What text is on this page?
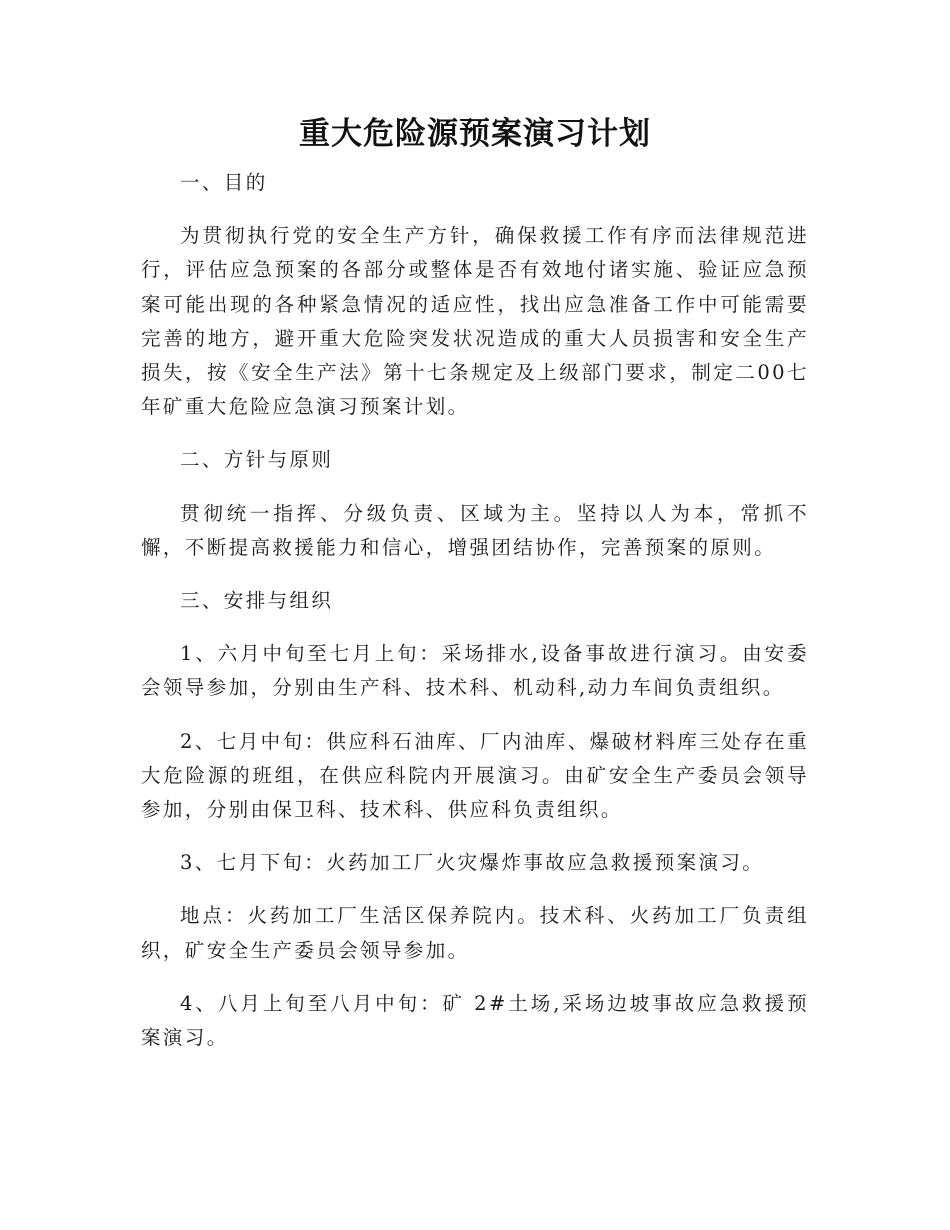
重大危险源预案演习计划

一、目的

为贯彻执行党的安全生产方针，确保救援工作有序而法律规范进行，评估应急预案的各部分或整体是否有效地付诸实施、验证应急预案可能出现的各种紧急情况的适应性，找出应急准备工作中可能需要完善的地方，避开重大危险突发状况造成的重大人员损害和安全生产损失，按《安全生产法》第十七条规定及上级部门要求，制定二00七年矿重大危险应急演习预案计划。

二、方针与原则

贯彻统一指挥、分级负责、区域为主。坚持以人为本，常抓不懈，不断提高救援能力和信心，增强团结协作，完善预案的原则。

三、安排与组织

1、六月中旬至七月上旬：采场排水,设备事故进行演习。由安委会领导参加，分别由生产科、技术科、机动科,动力车间负责组织。

2、七月中旬：供应科石油库、厂内油库、爆破材料库三处存在重大危险源的班组，在供应科院内开展演习。由矿安全生产委员会领导参加，分别由保卫科、技术科、供应科负责组织。

3、七月下旬：火药加工厂火灾爆炸事故应急救援预案演习。

地点：火药加工厂生活区保养院内。技术科、火药加工厂负责组织，矿安全生产委员会领导参加。

4、八月上旬至八月中旬：矿 2#土场,采场边坡事故应急救援预案演习。
